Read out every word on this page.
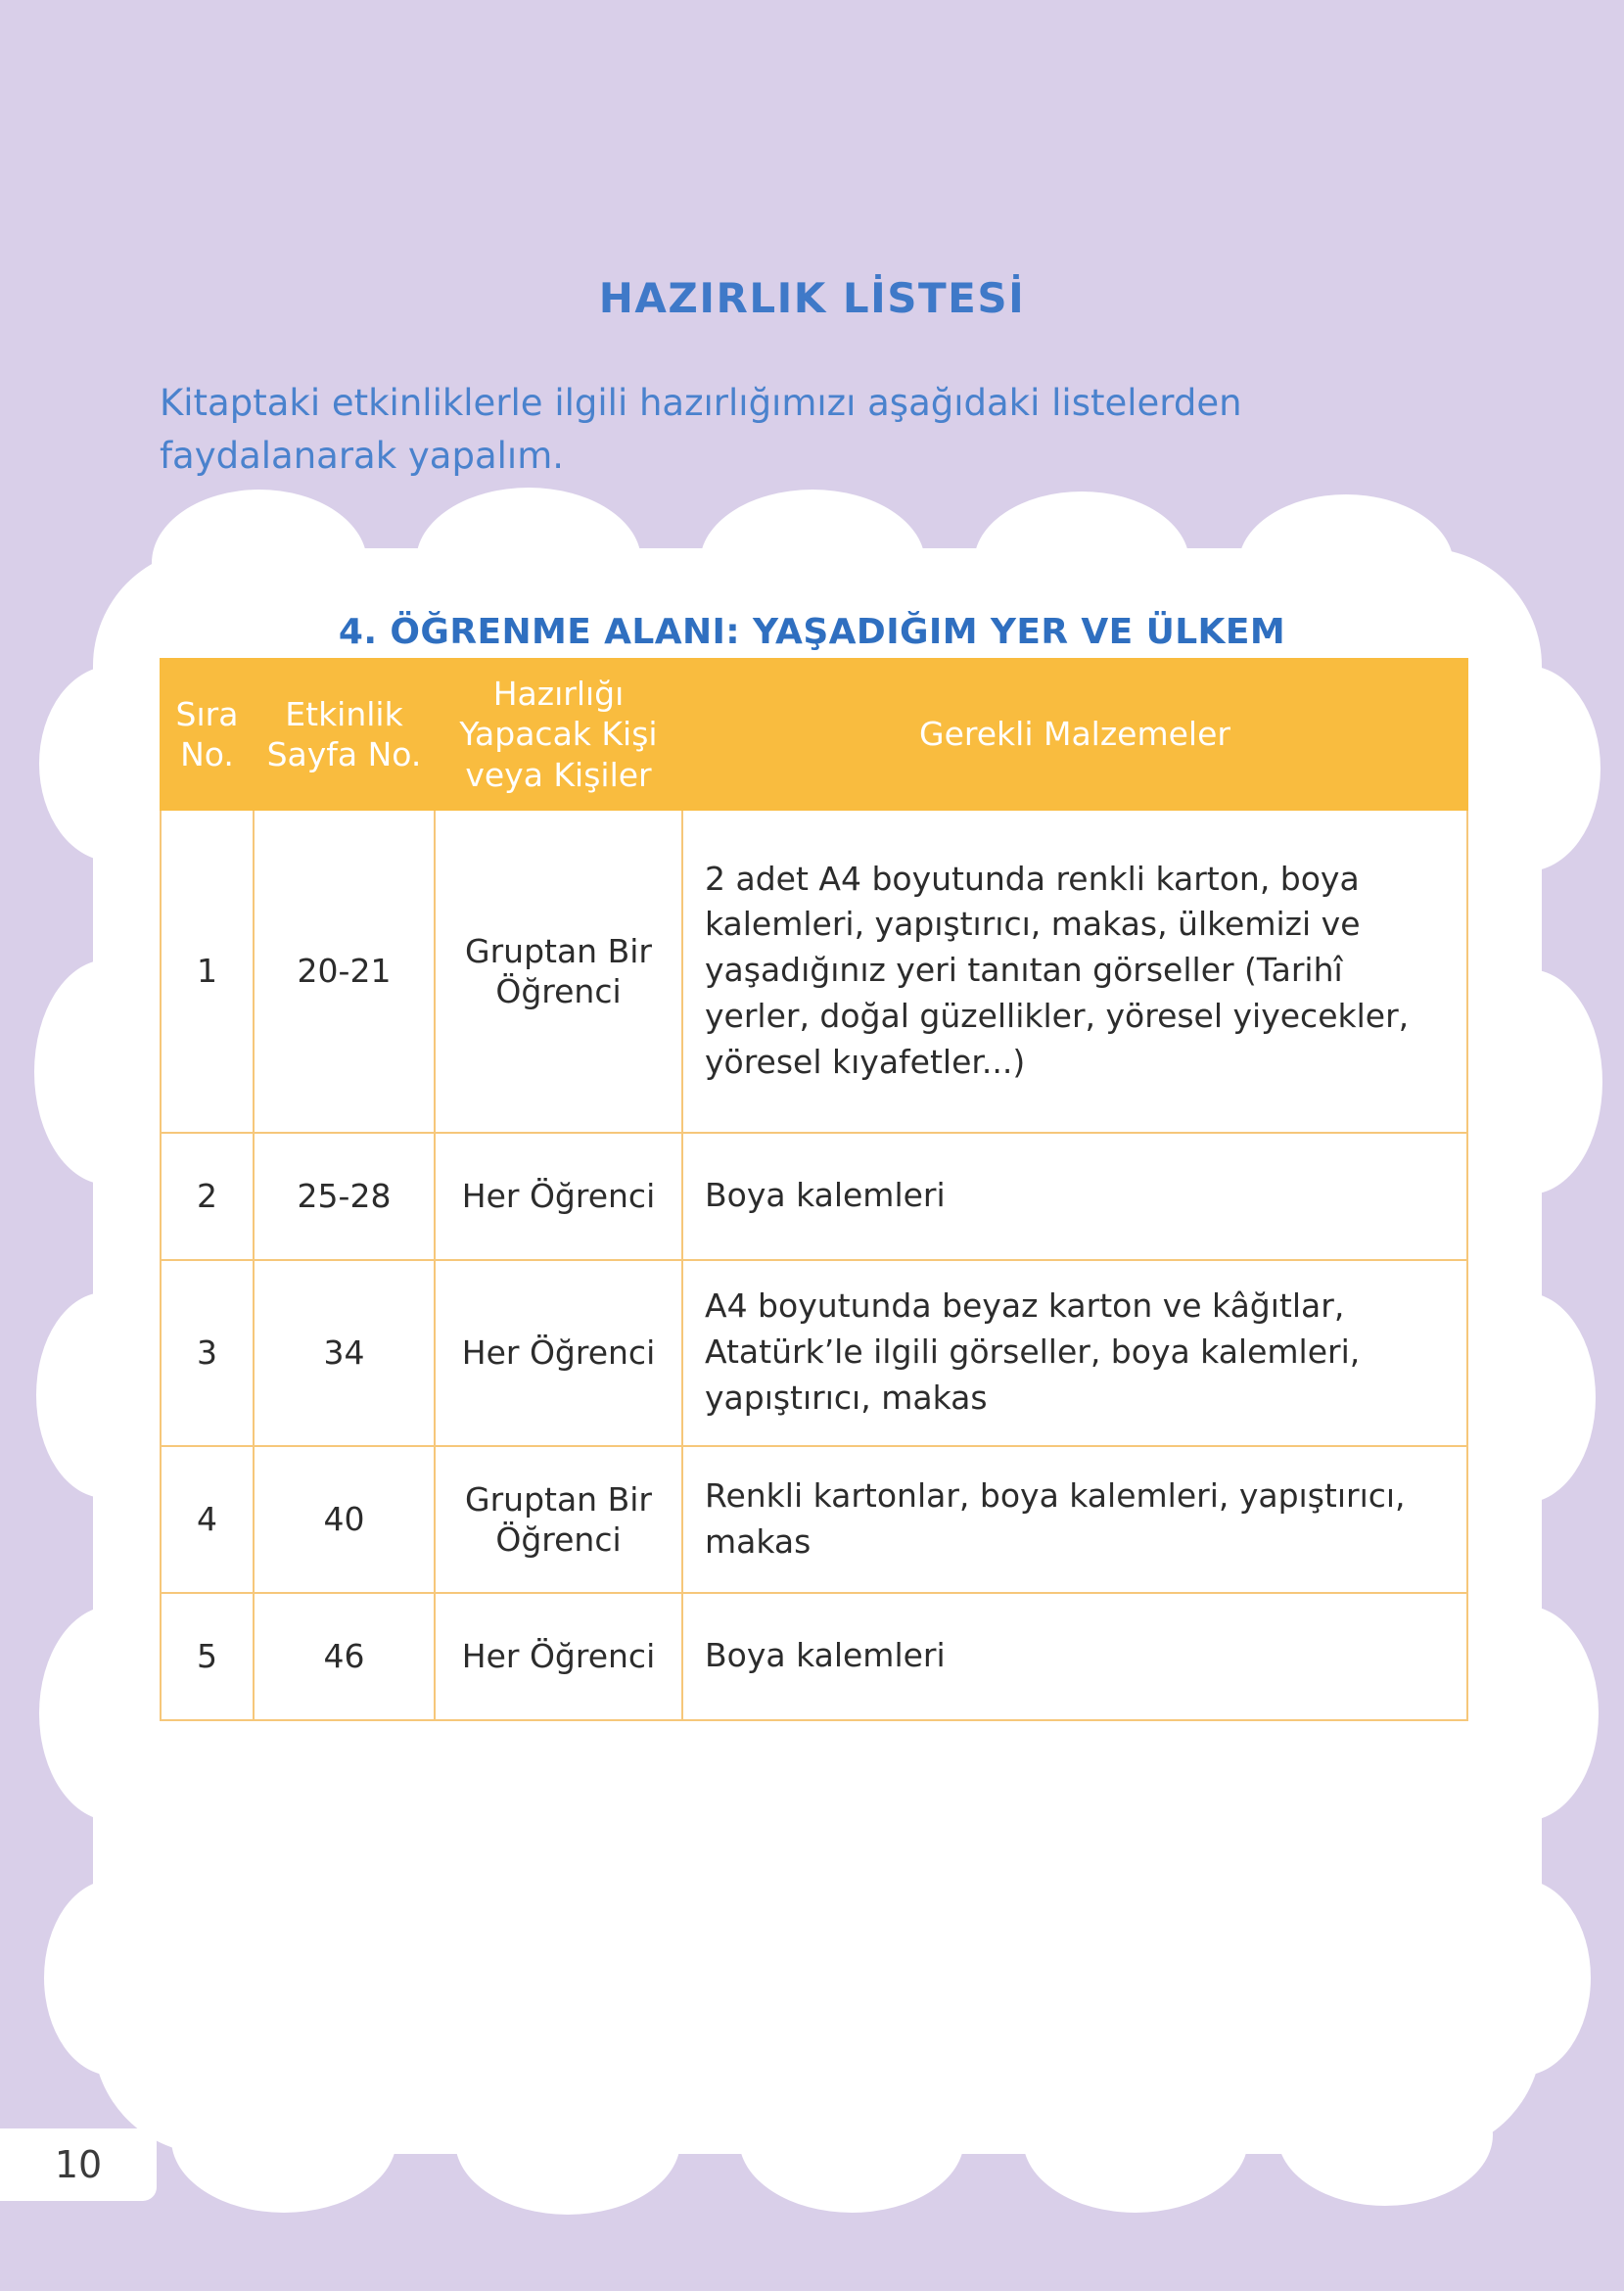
HAZIRLIK LİSTESİ

Kitaptaki etkinliklerle ilgili hazırlığımızı aşağıdaki listelerden faydalanarak yapalım.

4. ÖĞRENME ALANI: YAŞADIĞIM YER VE ÜLKEM
Sıra No.	Etkinlik Sayfa No.	Hazırlığı Yapacak Kişi veya Kişiler	Gerekli Malzemeler
1	20-21	Gruptan Bir Öğrenci	2 adet A4 boyutunda renkli karton, boya kalemleri, yapıştırıcı, makas, ülkemizi ve yaşadığınız yeri tanıtan görseller (Tarihî yerler, doğal güzellikler, yöresel yiyecekler, yöresel kıyafetler...)
2	25-28	Her Öğrenci	Boya kalemleri
3	34	Her Öğrenci	A4 boyutunda beyaz karton ve kâğıtlar, Atatürk’le ilgili görseller, boya kalemleri, yapıştırıcı, makas
4	40	Gruptan Bir Öğrenci	Renkli kartonlar, boya kalemleri, yapıştırıcı, makas
5	46	Her Öğrenci	Boya kalemleri
10
